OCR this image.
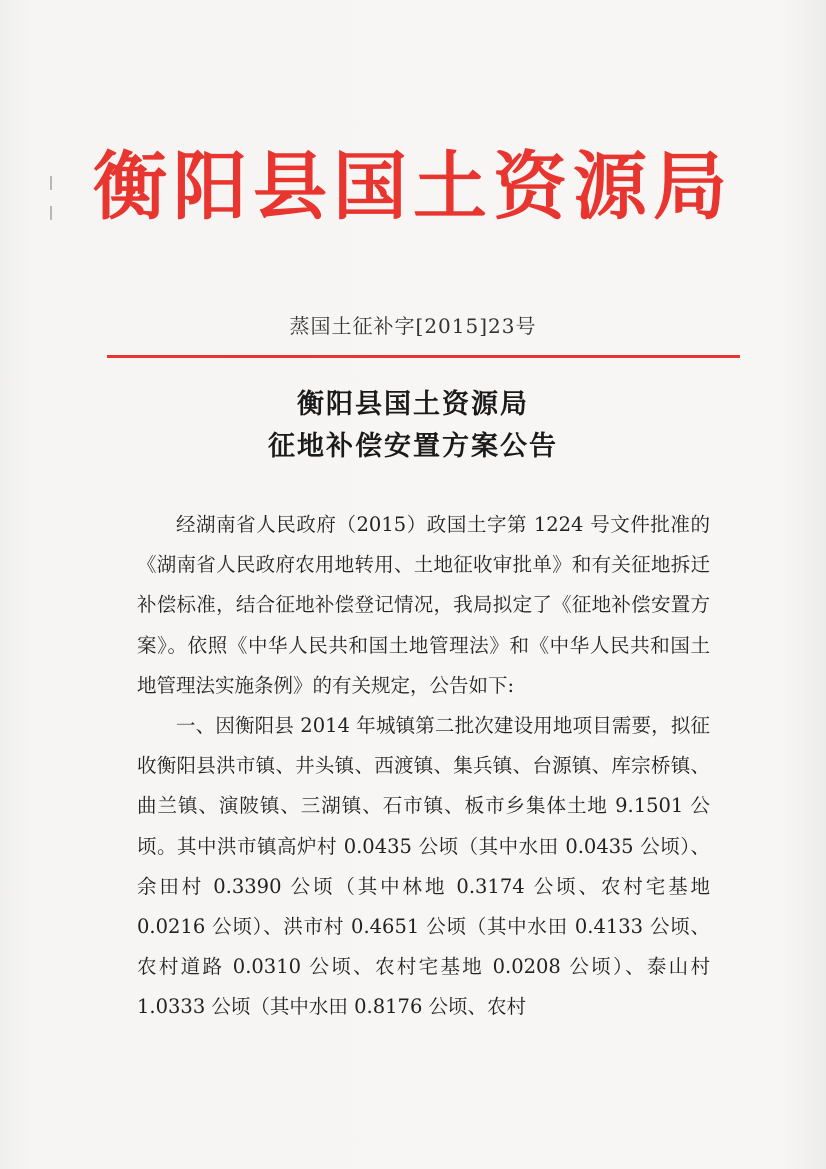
衡阳县国土资源局
蒸国土征补字[2015]23号
衡阳县国土资源局
征地补偿安置方案公告

经湖南省人民政府（2015）政国土字第 1224 号文件批准的《湖南省人民政府农用地转用、土地征收审批单》和有关征地拆迁补偿标准，结合征地补偿登记情况，我局拟定了《征地补偿安置方案》。依照《中华人民共和国土地管理法》和《中华人民共和国土地管理法实施条例》的有关规定，公告如下:

一、因衡阳县 2014 年城镇第二批次建设用地项目需要，拟征收衡阳县洪市镇、井头镇、西渡镇、集兵镇、台源镇、库宗桥镇、曲兰镇、演陂镇、三湖镇、石市镇、板市乡集体土地 9.1501 公顷。其中洪市镇高炉村 0.0435 公顷（其中水田 0.0435 公顷）、余田村 0.3390 公顷（其中林地 0.3174 公顷、农村宅基地 0.0216 公顷）、洪市村 0.4651 公顷（其中水田 0.4133 公顷、农村道路 0.0310 公顷、农村宅基地 0.0208 公顷）、泰山村 1.0333 公顷（其中水田 0.8176 公顷、农村
